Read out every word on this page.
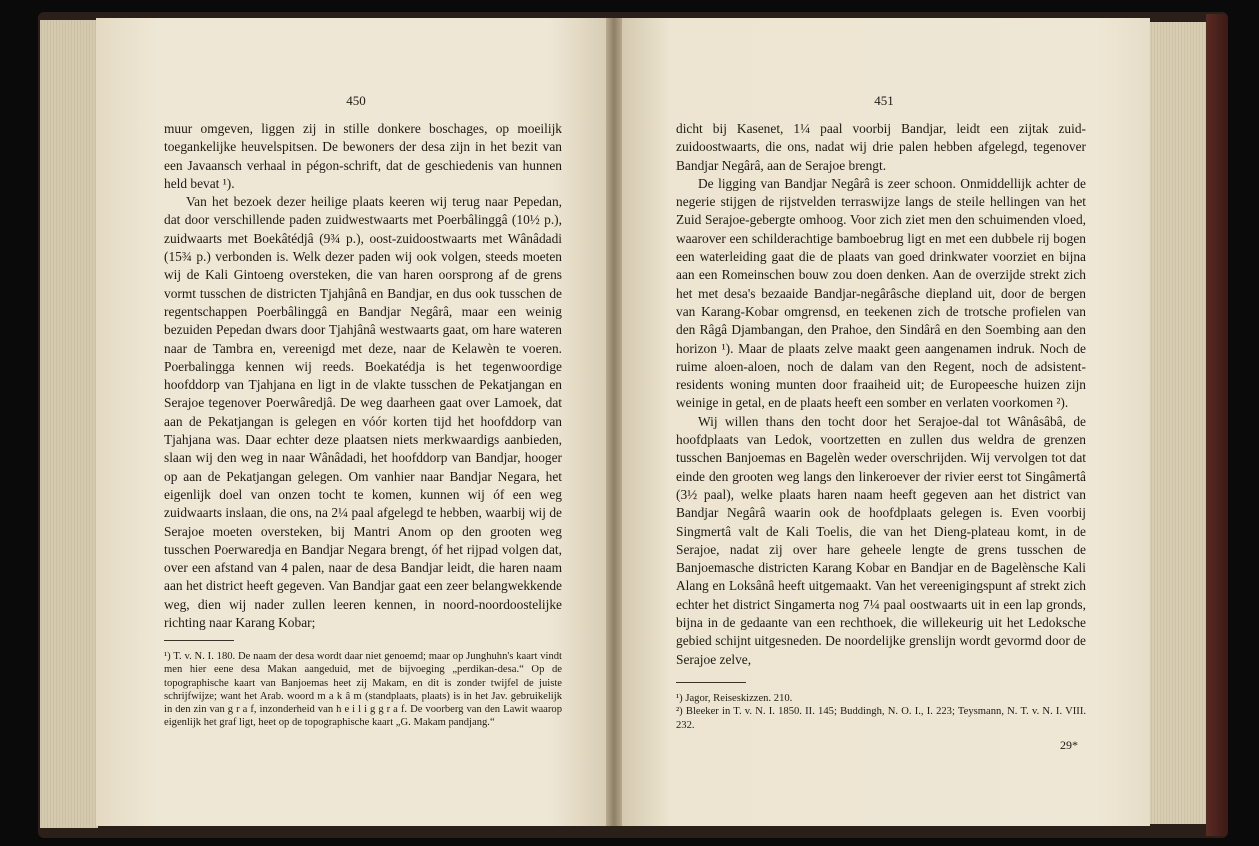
450

muur omgeven, liggen zij in stille donkere boschages, op moeilijk toegankelijke heuvelspitsen. De bewoners der desa zijn in het bezit van een Javaansch verhaal in pégon-schrift, dat de geschiedenis van hunnen held bevat ¹).

Van het bezoek dezer heilige plaats keeren wij terug naar Pepedan, dat door verschillende paden zuidwestwaarts met Poerbâlinggâ (10½ p.), zuidwaarts met Boekâtédjâ (9¾ p.), oost-zuidoostwaarts met Wânâdadi (15¾ p.) verbonden is. Welk dezer paden wij ook volgen, steeds moeten wij de Kali Gintoeng oversteken, die van haren oorsprong af de grens vormt tusschen de districten Tjahjânâ en Bandjar, en dus ook tusschen de regentschappen Poerbâlinggâ en Bandjar Negârâ, maar een weinig bezuiden Pepedan dwars door Tjahjânâ westwaarts gaat, om hare wateren naar de Tambra en, vereenigd met deze, naar de Kelawèn te voeren. Poerbalingga kennen wij reeds. Boekatédja is het tegenwoordige hoofddorp van Tjahjana en ligt in de vlakte tusschen de Pekatjangan en Serajoe tegenover Poerwâredjâ. De weg daarheen gaat over Lamoek, dat aan de Pekatjangan is gelegen en vóór korten tijd het hoofddorp van Tjahjana was. Daar echter deze plaatsen niets merkwaardigs aanbieden, slaan wij den weg in naar Wânâdadi, het hoofddorp van Bandjar, hooger op aan de Pekatjangan gelegen. Om vanhier naar Bandjar Negara, het eigenlijk doel van onzen tocht te komen, kunnen wij óf een weg zuidwaarts inslaan, die ons, na 2¼ paal afgelegd te hebben, waarbij wij de Serajoe moeten oversteken, bij Mantri Anom op den grooten weg tusschen Poerwaredja en Bandjar Negara brengt, óf het rijpad volgen dat, over een afstand van 4 palen, naar de desa Bandjar leidt, die haren naam aan het district heeft gegeven. Van Bandjar gaat een zeer belangwekkende weg, dien wij nader zullen leeren kennen, in noord-noordoostelijke richting naar Karang Kobar;

¹) T. v. N. I. 180. De naam der desa wordt daar niet genoemd; maar op Junghuhn's kaart vindt men hier eene desa Makan aangeduid, met de bijvoeging „perdikan-desa.“ Op de topographische kaart van Banjoemas heet zij Makam, en dit is zonder twijfel de juiste schrijfwijze; want het Arab. woord m a k â m (standplaats, plaats) is in het Jav. gebruikelijk in den zin van g r a f, inzonderheid van h e i l i g g r a f. De voorberg van den Lawit waarop eigenlijk het graf ligt, heet op de topographische kaart „G. Makam pandjang.“

451

dicht bij Kasenet, 1¼ paal voorbij Bandjar, leidt een zijtak zuid-zuidoostwaarts, die ons, nadat wij drie palen hebben afgelegd, tegenover Bandjar Negârâ, aan de Serajoe brengt.

De ligging van Bandjar Negârâ is zeer schoon. Onmiddellijk achter de negerie stijgen de rijstvelden terraswijze langs de steile hellingen van het Zuid Serajoe-gebergte omhoog. Voor zich ziet men den schuimenden vloed, waarover een schilderachtige bamboebrug ligt en met een dubbele rij bogen een waterleiding gaat die de plaats van goed drinkwater voorziet en bijna aan een Romeinschen bouw zou doen denken. Aan de overzijde strekt zich het met desa's bezaaide Bandjar-negârâsche diepland uit, door de bergen van Karang-Kobar omgrensd, en teekenen zich de trotsche profielen van den Râgâ Djambangan, den Prahoe, den Sindârâ en den Soembing aan den horizon ¹). Maar de plaats zelve maakt geen aangenamen indruk. Noch de ruime aloen-aloen, noch de dalam van den Regent, noch de adsistent-residents woning munten door fraaiheid uit; de Europeesche huizen zijn weinige in getal, en de plaats heeft een somber en verlaten voorkomen ²).

Wij willen thans den tocht door het Serajoe-dal tot Wânâsâbâ, de hoofdplaats van Ledok, voortzetten en zullen dus weldra de grenzen tusschen Banjoemas en Bagelèn weder overschrijden. Wij vervolgen tot dat einde den grooten weg langs den linkeroever der rivier eerst tot Singâmertâ (3½ paal), welke plaats haren naam heeft gegeven aan het district van Bandjar Negârâ waarin ook de hoofdplaats gelegen is. Even voorbij Singmertâ valt de Kali Toelis, die van het Dieng-plateau komt, in de Serajoe, nadat zij over hare geheele lengte de grens tusschen de Banjoemasche districten Karang Kobar en Bandjar en de Bagelènsche Kali Alang en Loksânâ heeft uitgemaakt. Van het vereenigingspunt af strekt zich echter het district Singamerta nog 7¼ paal oostwaarts uit in een lap gronds, bijna in de gedaante van een rechthoek, die willekeurig uit het Ledoksche gebied schijnt uitgesneden. De noordelijke grenslijn wordt gevormd door de Serajoe zelve,

¹) Jagor, Reiseskizzen. 210.

²) Bleeker in T. v. N. I. 1850. II. 145; Buddingh, N. O. I., I. 223; Teysmann, N. T. v. N. I. VIII. 232.

29*
